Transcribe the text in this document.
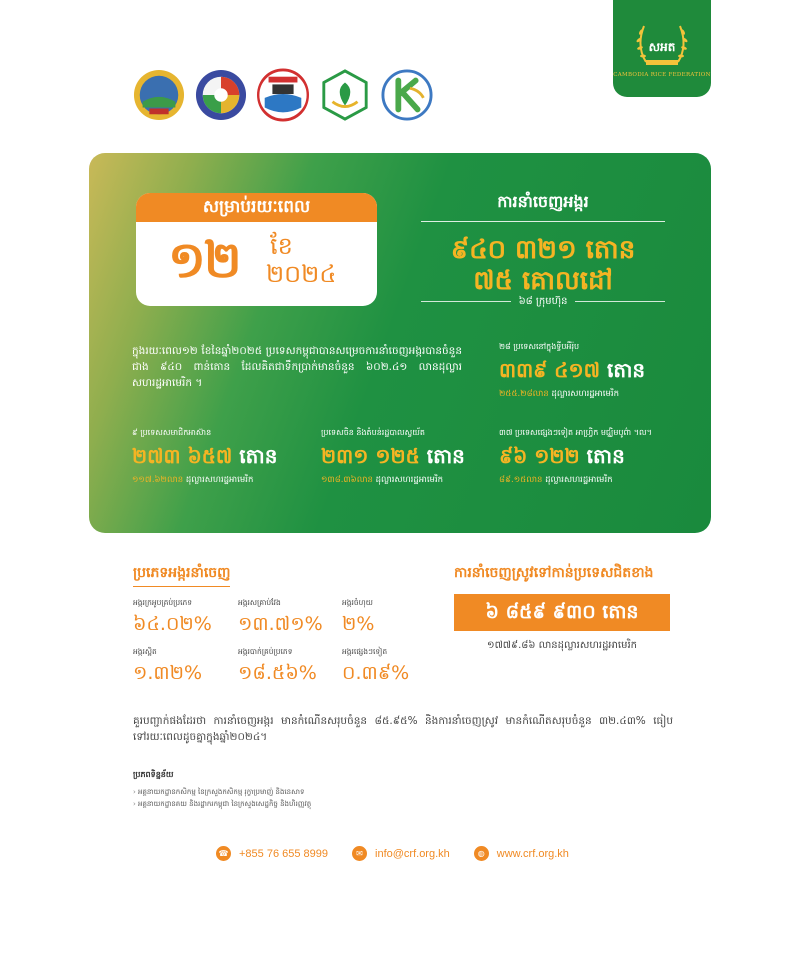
សអត
CAMBODIA RICE FEDERATION
សម្រាប់រយៈពេល
១២ ខែ
២០២៤
ការនាំចេញអង្ករ
៩៤០ ៣២១ តោន
៧៥ គោលដៅ
៦៨ ក្រុមហ៊ុន
ក្នុងរយៈពេល១២ ខែនៃឆ្នាំ២០២៥ ប្រទេសកម្ពុជាបានសម្រេចការនាំចេញអង្ករបានចំនួនជាង ៩៤០ ពាន់តោន ដែលគិតជាទឹកប្រាក់មានចំនួន ៦០២.៤១ លានដុល្លារសហរដ្ឋអាមេរិក ។
២៨ ប្រទេសនៅក្នុងទ្វីបអឺរ៉ុប
៣៣៩ ៤១៧ តោន
២៥៥.២៨លាន ដុល្លារសហរដ្ឋអាមេរិក
៩ ប្រទេសសមាជិកអាស៊ាន
២៧៣ ៦៥៧ តោន
១១៧.៦២លាន ដុល្លារសហរដ្ឋអាមេរិក
ប្រទេសចិន និងតំបន់រដ្ឋបាលស្វយ័ត
២៣១ ១២៥ តោន
១៣៨.៣៦លាន ដុល្លារសហរដ្ឋអាមេរិក
៣៧ ប្រទេសផ្សេងៗទៀត អាហ្វ្រិក មជ្ឈិមបូព៌ា ។ល។
៩៦ ១២២ តោន
៨៩.១៥លាន ដុល្លារសហរដ្ឋអាមេរិក
ប្រភេទអង្ករនាំចេញ
អង្ករក្រអូបគ្រប់ប្រភេទ
៦៤.០២%
អង្ករសគ្រាប់វែង
១៣.៧១%
អង្ករចំហុយ
២%
អង្ករស្អិត
១.៣២%
អង្ករបាក់គ្រប់ប្រភេទ
១៨.៥៦%
អង្ករផ្សេងៗទៀត
០.៣៩%
ការនាំចេញស្រូវទៅកាន់ប្រទេសជិតខាង
៦ ៨៥៩ ៩៣០ តោន
១៧៧៩.៨៦ លានដុល្លារសហរដ្ឋអាមេរិក
គួរបញ្ជាក់ផងដែរថា ការនាំចេញអង្ករ មានកំណើនសរុបចំនួន ៨៥.៩៥% និងការនាំចេញស្រូវ មានកំណើតសរុបចំនួន ៣២.៤៣% ធៀបទៅរយៈពេលដូចគ្នាក្នុងឆ្នាំ២០២៤។
ប្រភពទិន្នន័យ
› អគ្គនាយកដ្ឋានកសិកម្ម នៃក្រសួងកសិកម្ម រុក្ខាប្រមាញ់ និងនេសាទ
› អគ្គនាយកដ្ឋានគយ និងរដ្ឋាករកម្ពុជា នៃក្រសួងសេដ្ឋកិច្ច និងហិរញ្ញវត្ថុ
☎ +855 76 655 8999	✉	info@crf.org.kh	◍	www.crf.org.kh
